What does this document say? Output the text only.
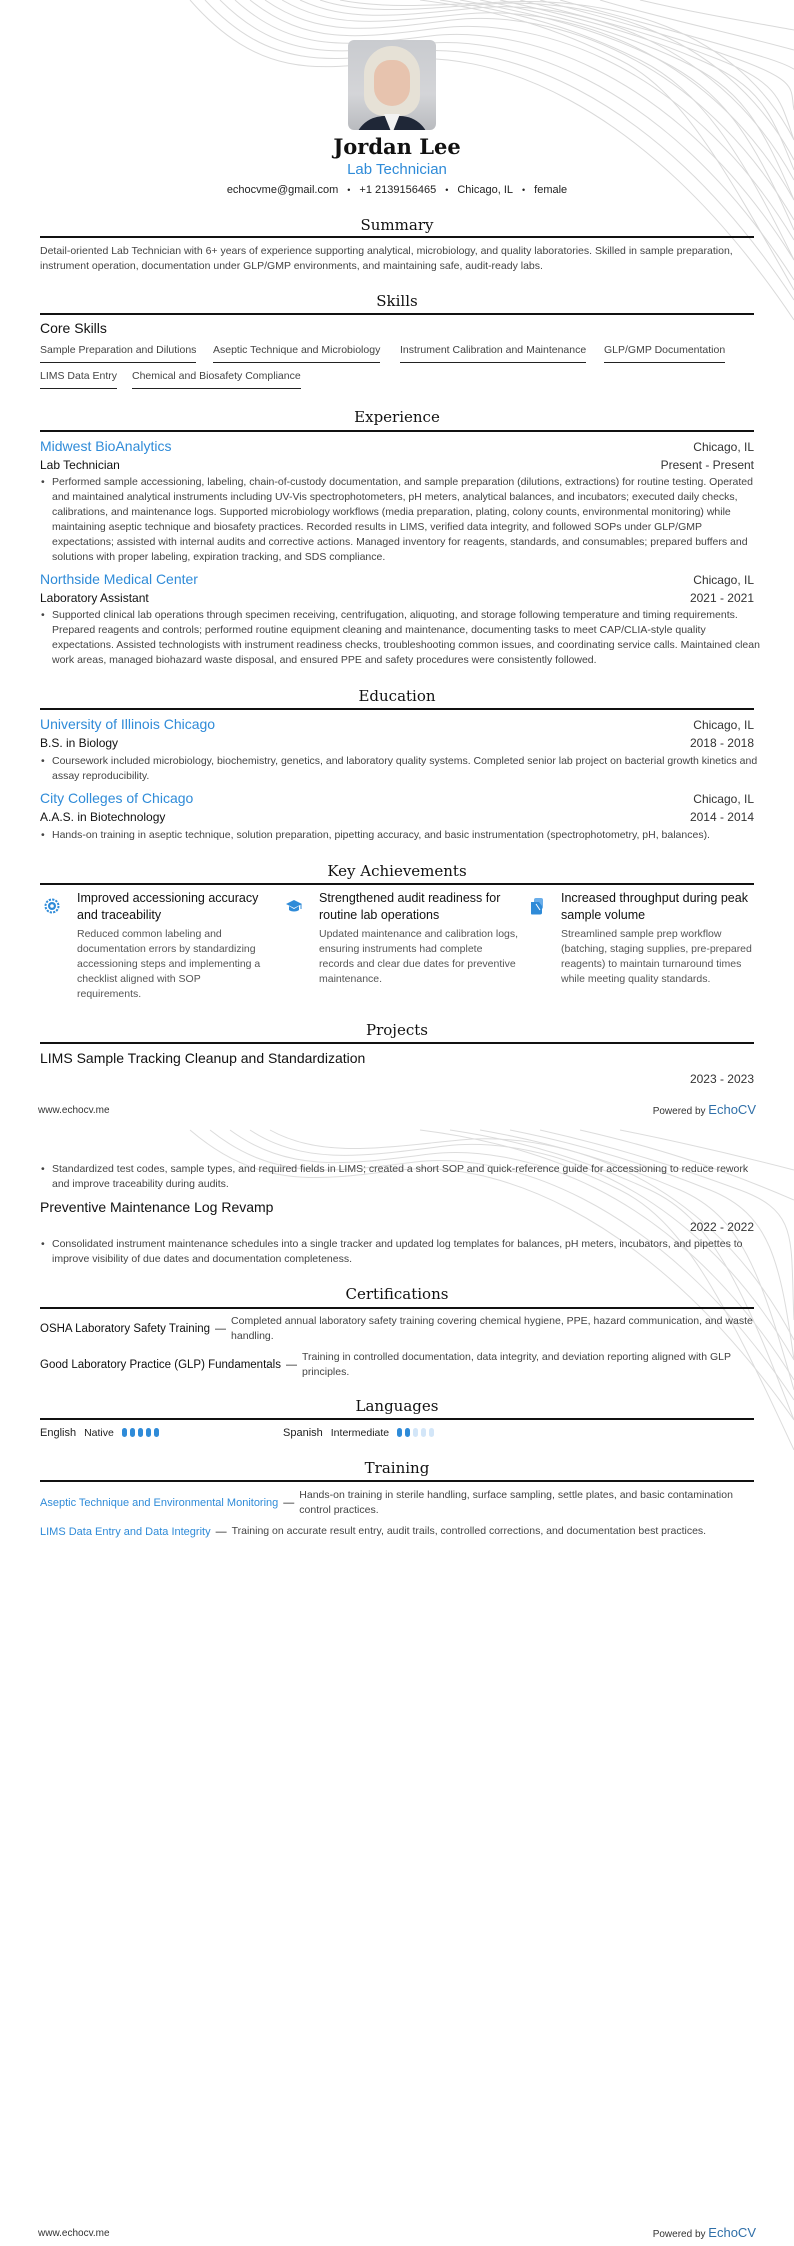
Jordan Lee
Lab Technician
echocvme@gmail.com • +1 2139156465 • Chicago, IL • female
Summary
Detail-oriented Lab Technician with 6+ years of experience supporting analytical, microbiology, and quality laboratories. Skilled in sample preparation, instrument operation, documentation under GLP/GMP environments, and maintaining safe, audit-ready labs.
Skills
Core Skills
Sample Preparation and Dilutions Aseptic Technique and Microbiology Instrument Calibration and Maintenance GLP/GMP Documentation
LIMS Data Entry Chemical and Biosafety Compliance
Experience
Midwest BioAnalytics	Chicago, IL
Lab Technician	Present - Present
• Performed sample accessioning, labeling, chain-of-custody documentation, and sample preparation (dilutions, extractions) for routine testing. Operated and maintained analytical instruments including UV-Vis spectrophotometers, pH meters, analytical balances, and incubators; executed daily checks, calibrations, and maintenance logs. Supported microbiology workflows (media preparation, plating, colony counts, environmental monitoring) while maintaining aseptic technique and biosafety practices. Recorded results in LIMS, verified data integrity, and followed SOPs under GLP/GMP expectations; assisted with internal audits and corrective actions. Managed inventory for reagents, standards, and consumables; prepared buffers and solutions with proper labeling, expiration tracking, and SDS compliance.
Northside Medical Center	Chicago, IL
Laboratory Assistant	2021 - 2021
• Supported clinical lab operations through specimen receiving, centrifugation, aliquoting, and storage following temperature and timing requirements. Prepared reagents and controls; performed routine equipment cleaning and maintenance, documenting tasks to meet CAP/CLIA-style quality expectations. Assisted technologists with instrument readiness checks, troubleshooting common issues, and coordinating service calls. Maintained clean work areas, managed biohazard waste disposal, and ensured PPE and safety procedures were consistently followed.
Education
University of Illinois Chicago	Chicago, IL
B.S. in Biology	2018 - 2018
• Coursework included microbiology, biochemistry, genetics, and laboratory quality systems. Completed senior lab project on bacterial growth kinetics and assay reproducibility.
City Colleges of Chicago	Chicago, IL
A.A.S. in Biotechnology	2014 - 2014
• Hands-on training in aseptic technique, solution preparation, pipetting accuracy, and basic instrumentation (spectrophotometry, pH, balances).
Key Achievements
Improved accessioning accuracy and traceability
Reduced common labeling and documentation errors by standardizing accessioning steps and implementing a checklist aligned with SOP requirements.
Strengthened audit readiness for routine lab operations
Updated maintenance and calibration logs, ensuring instruments had complete records and clear due dates for preventive maintenance.
Increased throughput during peak sample volume
Streamlined sample prep workflow (batching, staging supplies, pre-prepared reagents) to maintain turnaround times while meeting quality standards.
Projects
LIMS Sample Tracking Cleanup and Standardization
2023 - 2023
www.echocv.me	Powered by EchoCV
• Standardized test codes, sample types, and required fields in LIMS; created a short SOP and quick-reference guide for accessioning to reduce rework and improve traceability during audits.
Preventive Maintenance Log Revamp
2022 - 2022
• Consolidated instrument maintenance schedules into a single tracker and updated log templates for balances, pH meters, incubators, and pipettes to improve visibility of due dates and documentation completeness.
Certifications
OSHA Laboratory Safety Training —
Completed annual laboratory safety training covering chemical hygiene, PPE, hazard communication, and waste handling.
Good Laboratory Practice (GLP) Fundamentals —
Training in controlled documentation, data integrity, and deviation reporting aligned with GLP principles.
Languages
English Native	Spanish Intermediate
Training
Aseptic Technique and Environmental Monitoring —
Hands-on training in sterile handling, surface sampling, settle plates, and basic contamination control practices.
LIMS Data Entry and Data Integrity — Training on accurate result entry, audit trails, controlled corrections, and documentation best practices.
www.echocv.me	Powered by EchoCV
